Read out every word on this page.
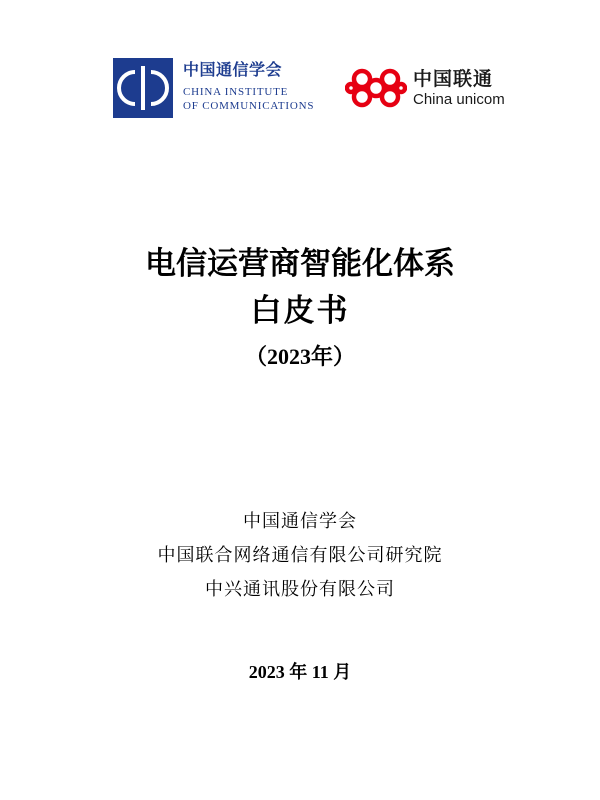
中国通信学会
CHINA INSTITUTE
OF COMMUNICATIONS
中国联通
China unicom
电信运营商智能化体系
白皮书
（2023年）
中国通信学会
中国联合网络通信有限公司研究院
中兴通讯股份有限公司
2023 年 11 月
